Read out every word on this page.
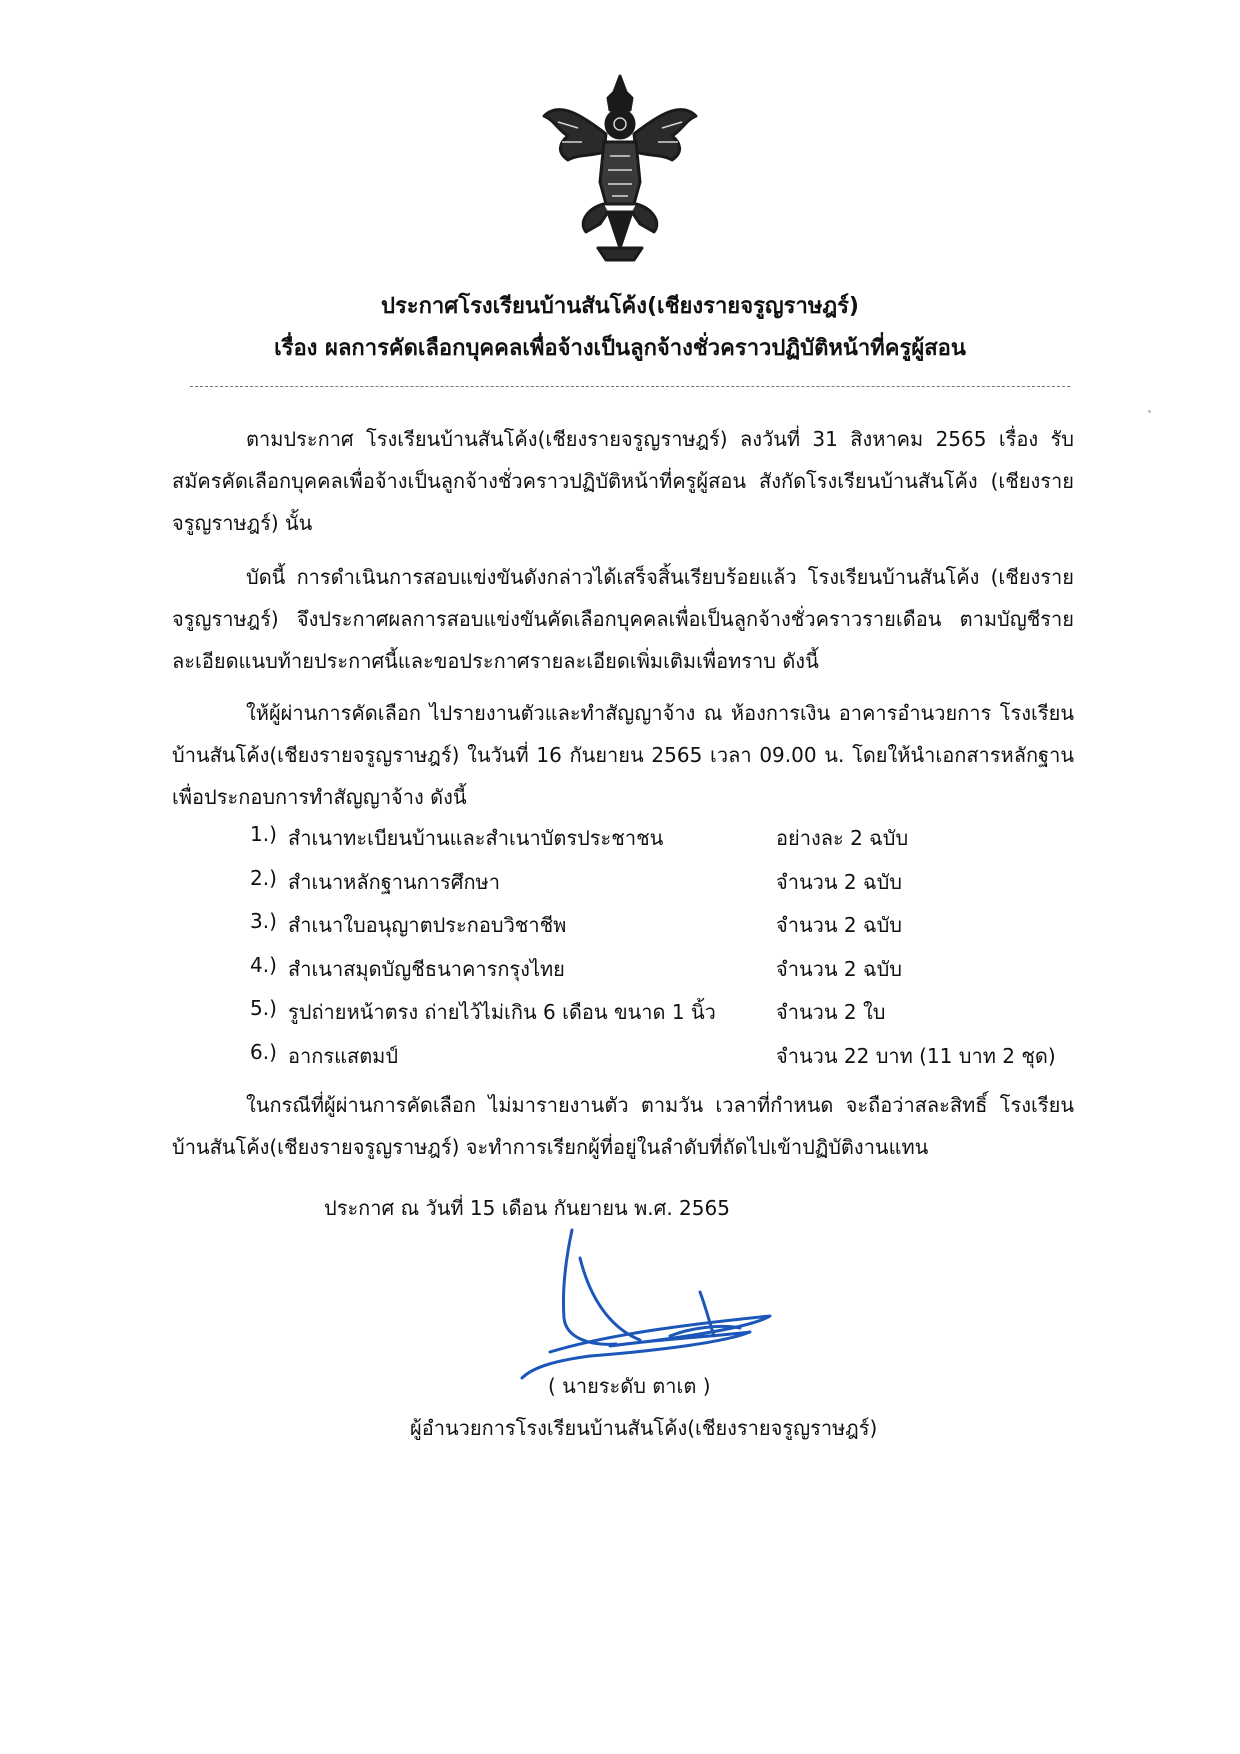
ประกาศโรงเรียนบ้านสันโค้ง(เชียงรายจรูญราษฎร์)
เรื่อง ผลการคัดเลือกบุคคลเพื่อจ้างเป็นลูกจ้างชั่วคราวปฏิบัติหน้าที่ครูผู้สอน

ตามประกาศ โรงเรียนบ้านสันโค้ง(เชียงรายจรูญราษฎร์) ลงวันที่ 31 สิงหาคม 2565 เรื่อง รับสมัครคัดเลือกบุคคลเพื่อจ้างเป็นลูกจ้างชั่วคราวปฏิบัติหน้าที่ครูผู้สอน สังกัดโรงเรียนบ้านสันโค้ง (เชียงรายจรูญราษฎร์) นั้น

บัดนี้ การดำเนินการสอบแข่งขันดังกล่าวได้เสร็จสิ้นเรียบร้อยแล้ว โรงเรียนบ้านสันโค้ง (เชียงรายจรูญราษฎร์) จึงประกาศผลการสอบแข่งขันคัดเลือกบุคคลเพื่อเป็นลูกจ้างชั่วคราวรายเดือน ตามบัญชีรายละเอียดแนบท้ายประกาศนี้และขอประกาศรายละเอียดเพิ่มเติมเพื่อทราบ ดังนี้

ให้ผู้ผ่านการคัดเลือก ไปรายงานตัวและทำสัญญาจ้าง ณ ห้องการเงิน อาคารอำนวยการ โรงเรียนบ้านสันโค้ง(เชียงรายจรูญราษฎร์) ในวันที่ 16 กันยายน 2565 เวลา 09.00 น. โดยให้นำเอกสารหลักฐาน เพื่อประกอบการทำสัญญาจ้าง ดังนี้

1.) สำเนาทะเบียนบ้านและสำเนาบัตรประชาชน	อย่างละ 2 ฉบับ
2.) สำเนาหลักฐานการศึกษา	จำนวน 2 ฉบับ
3.) สำเนาใบอนุญาตประกอบวิชาชีพ	จำนวน 2 ฉบับ
4.) สำเนาสมุดบัญชีธนาคารกรุงไทย	จำนวน 2 ฉบับ
5.) รูปถ่ายหน้าตรง ถ่ายไว้ไม่เกิน 6 เดือน ขนาด 1 นิ้ว	จำนวน 2 ใบ
6.) อากรแสตมป์	จำนวน 22 บาท (11 บาท 2 ชุด)

ในกรณีที่ผู้ผ่านการคัดเลือก ไม่มารายงานตัว ตามวัน เวลาที่กำหนด จะถือว่าสละสิทธิ์ โรงเรียนบ้านสันโค้ง(เชียงรายจรูญราษฎร์) จะทำการเรียกผู้ที่อยู่ในลำดับที่ถัดไปเข้าปฏิบัติงานแทน

ประกาศ ณ วันที่ 15 เดือน กันยายน พ.ศ. 2565
( นายระดับ ตาเต )
ผู้อำนวยการโรงเรียนบ้านสันโค้ง(เชียงรายจรูญราษฎร์)
